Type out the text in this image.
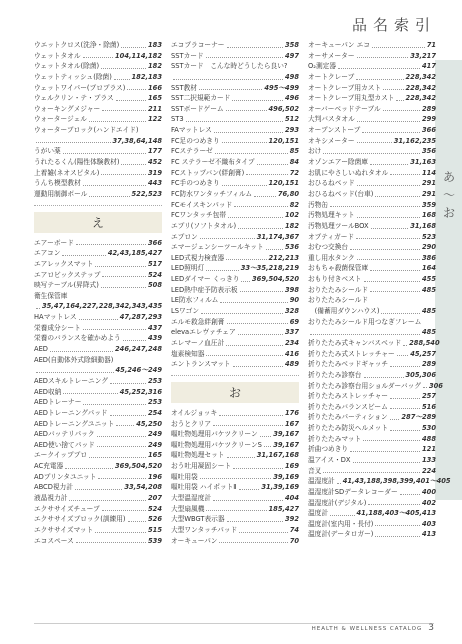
品名索引
あ
〜
お
ウエットクロス(洗浄・除菌)	183
ウェットタオル	104,114,182
ウェットタオル(除菌)	182
ウェットティッシュ(除菌)	182,183
ウェットワイパー(プロプラス)	166
ウェルクリン・テ・プラス	165
ウォーキングメジャー	211
ウォータージェル	122
ウォーターブロック(ハンドエイド)
37,38,64,148
うがい薬	177
うれたるくん(陽性体験教材)	452
上着雑(ネオスピタル)	319
うんち模型教材	443
運動用制御ボール	522,523
え
エアーボード	366
エアコン	42,43,185,427
エアレックスマット	517
エアロビックステップ	524
映写テーブル(昇降式)	508
衛生保管庫
35,47,164,227,228,342,343,435
HAマットレス	47,287,293
栄養成分シート	437
栄養のバランスを確かめよう	439
AED	246,247,248
AED(自動体外式除細動器)
45,246〜249
AEDスキルトレーニング	253
AED収納	45,252,316
AEDトレーナー	253
AEDトレーニングパッド	254
AEDトレーニングユニット	45,250
AEDバッテリパック	249
AED使い捨てパッド	249
エークイッププロ	165
AC充電器	369,504,520
ADプリンタユニット	196
ABCD視力計	33,54,208
液晶視力計	207
エクササイズチューブ	524
エクササイズブロック(訓練用)	526
エクササイズマット	515
エコスペース	539
エコプラコーナー	358
SSTカード	497
SSTカード　こんな時どうしたら良い?
498
SST教材	495〜499
SST二択規範カード	496
SSTボードゲーム	496,502
ST3	512
FAマットレス	293
FC足のつめきり	120,151
FCステラーゼ	85
FC ステラーゼ不織布タイプ	84
FCストップバン(絆創膏)	72
FC手のつめきり	120,151
FC防水ワンタッチフィルム	76,80
FCモイスキンパッド	82
FCワンタッチ包帯	102
エプリ(ソフトタオル)	182
エプロン	31,174,367
エマージェンシーツールキット	536
LED式視力検査器	212,213
LED照明灯	33〜35,218,219
LEDダイマー くっきり 369,504,520
LED熱中症予防表示板	398
LE防水フィルム	90
LSワゴン	328
エルモ救急絆創膏	69
elevaエレヴァチェア	337
エレマーノ血圧計	234
塩素検知器	416
エントランスマット	489
お
オイルジョッキ	176
おうとクリア	167
嘔吐物処理用バケツクリーン 39,167
嘔吐物処理用バケツクリーンS 39,167
嘔吐物処理セット	31,167,168
おう吐用凝固シート	169
嘔吐用袋	39,169
嘔吐用袋 ハイポットⅡ	31,39,169
大型温湿度計	404
大型扇風機	185,427
大型WBGT表示器	392
大型ワンタッチパッド	74
オーキューパン	70
オーキューパン エコ	71
オーサメーター	33,217
O₂測定器	417
オートクレーブ	228,342
オートクレーブ用カスト	228,342
オートクレーブ用丸型カスト 228,342
オーバーベッドテーブル	289
大判バスタオル	299
オープンストーブ	366
オキシメーター	31,162,235
おけ	356
オゾンエアー除菌庫	31,163
お肌にやさしいぬれタオル	114
おひるねベッド	291
おひるねベッド(台車)	291
汚物缶	359
汚物処理キット	168
汚物処理ツールBOX	31,168
オプティガード	523
おむつ交換台	290
重し用水タンク	386
おもちゃ殺菌保管庫	164
おもり付きベスト	455
おりたたみシールド	485
おりたたみシールド
　(備蓄用ダウンハウス)	485
おりたたみシールド用つなぎフレーム
485
折りたたみ式キャンバスベッド 288,540
折りたたみ式ストレッチャー 45,257
折りたたみベッドギャッチ	289
折りたたみ診察台	305,306
折りたたみ診察台用ショルダーバッグ 306
折りたたみストレッチャー	257
折りたたみバランスビーム	516
折りたたみパーティション 287〜289
折りたたみ防災ヘルメット	530
折りたたみマット	488
折曲つめきり	121
温アイス・DX	133
音叉	224
温湿度計 41,43,188,398,399,401〜405
温湿度計SDデータレコーダー	400
温湿度計(デジタル)	402
温度計	41,188,403〜405,413
温度計(室内用・長付)	403
温度計(データロガー)	413
HEALTH & WELLNESS CATALOG 3
